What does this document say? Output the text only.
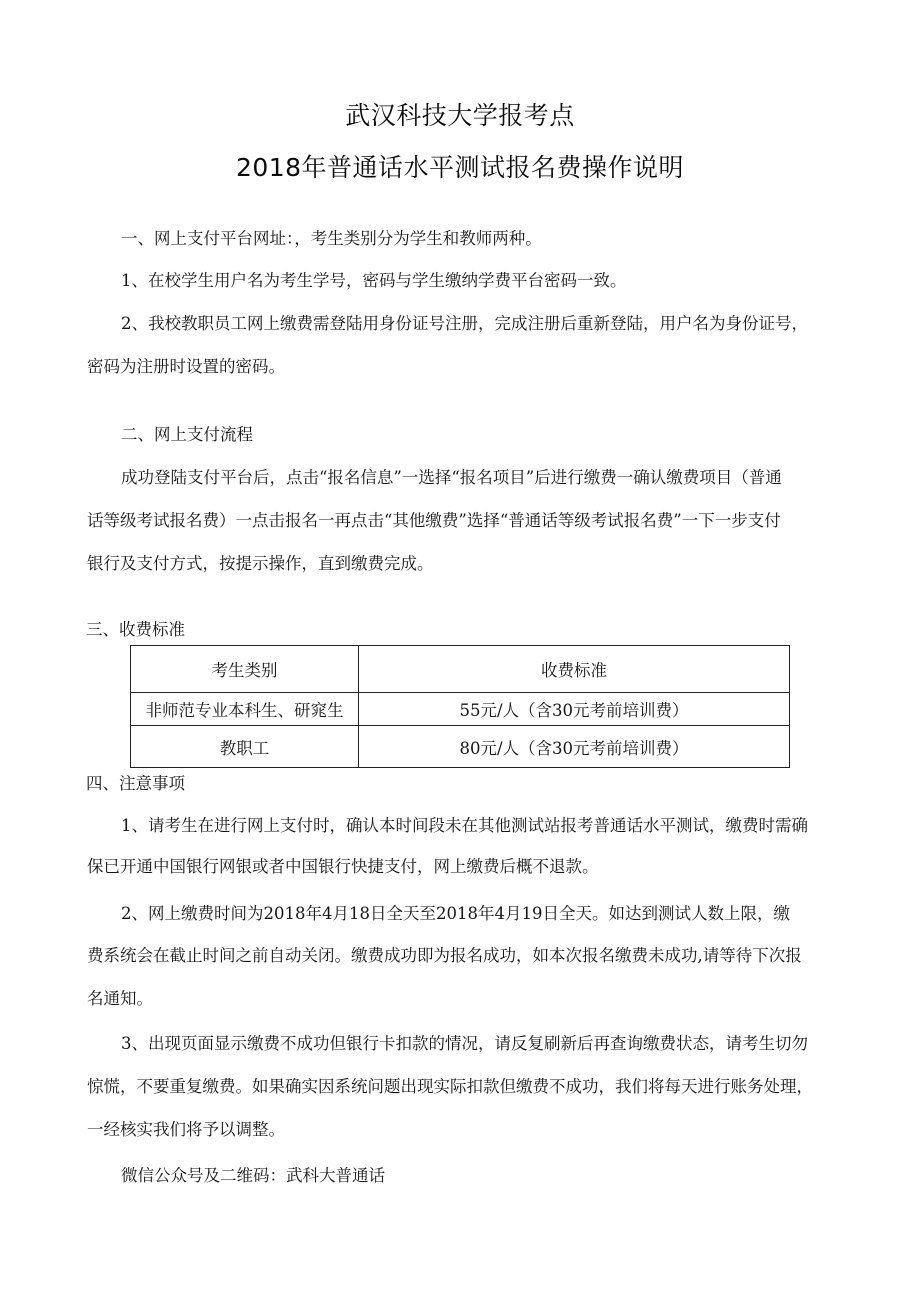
武汉科技大学报考点
2018年普通话水平测试报名费操作说明
一、网上支付平台网址：，考生类别分为学生和教师两种。
1、在校学生用户名为考生学号，密码与学生缴纳学费平台密码一致。
2、我校教职员工网上缴费需登陆用身份证号注册，完成注册后重新登陆，用户名为身份证号，
密码为注册时设置的密码。
二、网上支付流程
成功登陆支付平台后，点击“报名信息”一选择“报名项目”后进行缴费一确认缴费项目（普通
话等级考试报名费）一点击报名一再点击“其他缴费”选择“普通话等级考试报名费”一下一步支付
银行及支付方式，按提示操作，直到缴费完成。
三、收费标准
考生类别	收费标准
非师范专业本科生、研窕生	55元/人（含30元考前培训费）
教职工	80元/人（含30元考前培训费）
四、注意事项
1、请考生在进行网上支付时，确认本时间段未在其他测试站报考普通话水平测试，缴费时需确
保已开通中国银行网银或者中国银行快捷支付，网上缴费后概不退款。
2、网上缴费时间为2018年4月18日全天至2018年4月19日全天。如达到测试人数上限，缴
费系统会在截止时间之前自动关闭。缴费成功即为报名成功，如本次报名缴费未成功,请等待下次报
名通知。
3、出现页面显示缴费不成功但银行卡扣款的情况，请反复刷新后再查询缴费状态，请考生切勿
惊慌，不要重复缴费。如果确实因系统问题出现实际扣款但缴费不成功，我们将每天进行账务处理，
一经核实我们将予以调整。
微信公众号及二维码：武科大普通话
